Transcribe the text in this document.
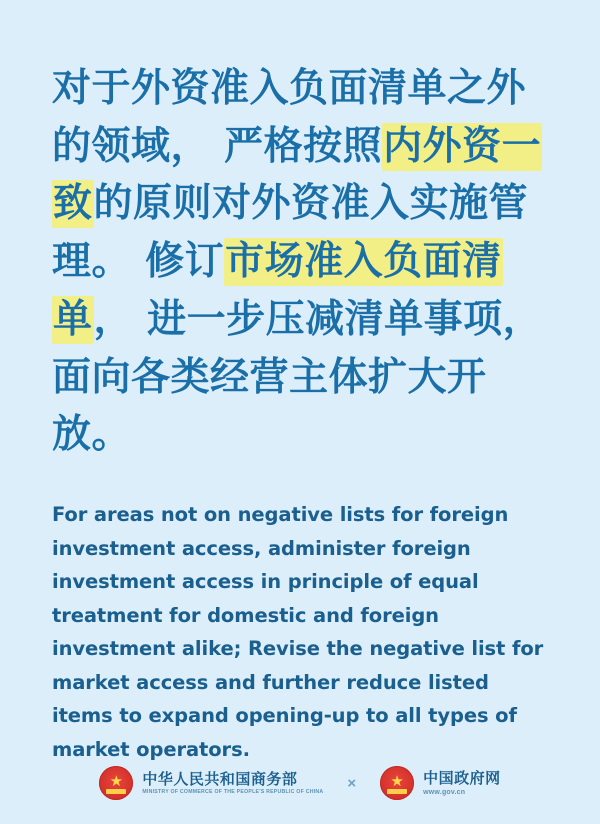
对于外资准入负面清单之外的领域， 严格按照内外资一致的原则对外资准入实施管理。 修订市场准入负面清单， 进一步压减清单事项， 面向各类经营主体扩大开放。
For areas not on negative lists for foreign investment access, administer foreign investment access in principle of equal treatment for domestic and foreign investment alike; Revise the negative list for market access and further reduce listed items to expand opening-up to all types of market operators.
★
中华人民共和国商务部
MINISTRY OF COMMERCE OF THE PEOPLE'S REPUBLIC OF CHINA
× ★	中国政府网
www.gov.cn
